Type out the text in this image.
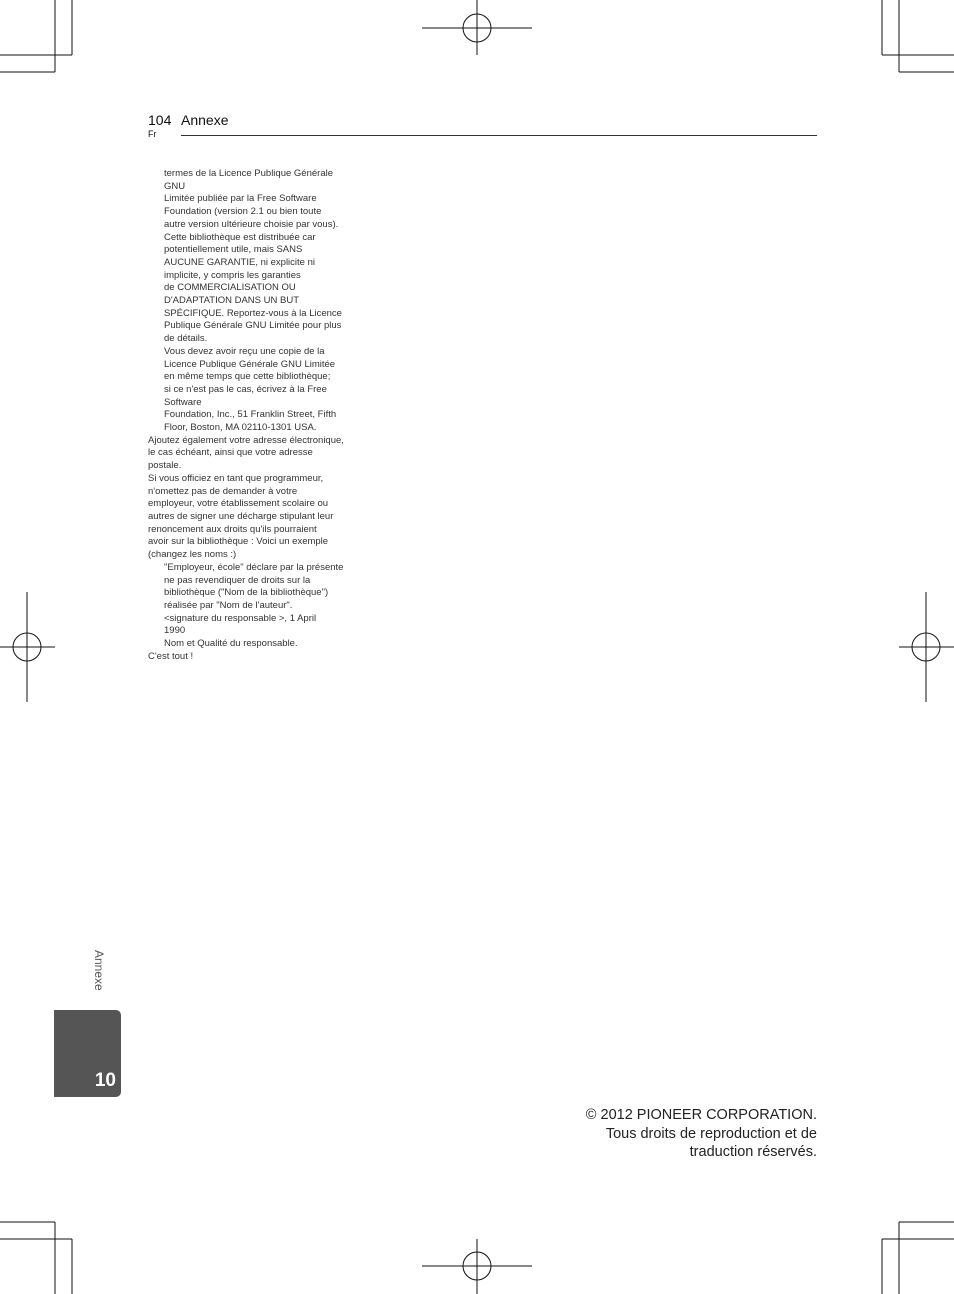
104
Fr
Annexe
termes de la Licence Publique Générale
GNU
Limitée publiée par la Free Software
Foundation (version 2.1 ou bien toute
autre version ultérieure choisie par vous).
Cette bibliothèque est distribuée car
potentiellement utile, mais SANS
AUCUNE GARANTIE, ni explicite ni
implicite, y compris les garanties
de COMMERCIALISATION OU
D'ADAPTATION DANS UN BUT
SPÉCIFIQUE. Reportez-vous à la Licence
Publique Générale GNU Limitée pour plus
de détails.
Vous devez avoir reçu une copie de la
Licence Publique Générale GNU Limitée
en même temps que cette bibliothèque;
si ce n'est pas le cas, écrivez à la Free
Software
Foundation, Inc., 51 Franklin Street, Fifth
Floor, Boston, MA 02110-1301 USA.
Ajoutez également votre adresse électronique,
le cas échéant, ainsi que votre adresse
postale.
Si vous officiez en tant que programmeur,
n'omettez pas de demander à votre
employeur, votre établissement scolaire ou
autres de signer une décharge stipulant leur
renoncement aux droits qu'ils pourraient
avoir sur la bibliothèque : Voici un exemple
(changez les noms :)
"Employeur, école" déclare par la présente
ne pas revendiquer de droits sur la
bibliothèque ("Nom de la bibliothèque")
réalisée par "Nom de l'auteur".
<signature du responsable >, 1 April
1990
Nom et Qualité du responsable.
C'est tout !
Annexe
10
© 2012 PIONEER CORPORATION.
Tous droits de reproduction et de
traduction réservés.
